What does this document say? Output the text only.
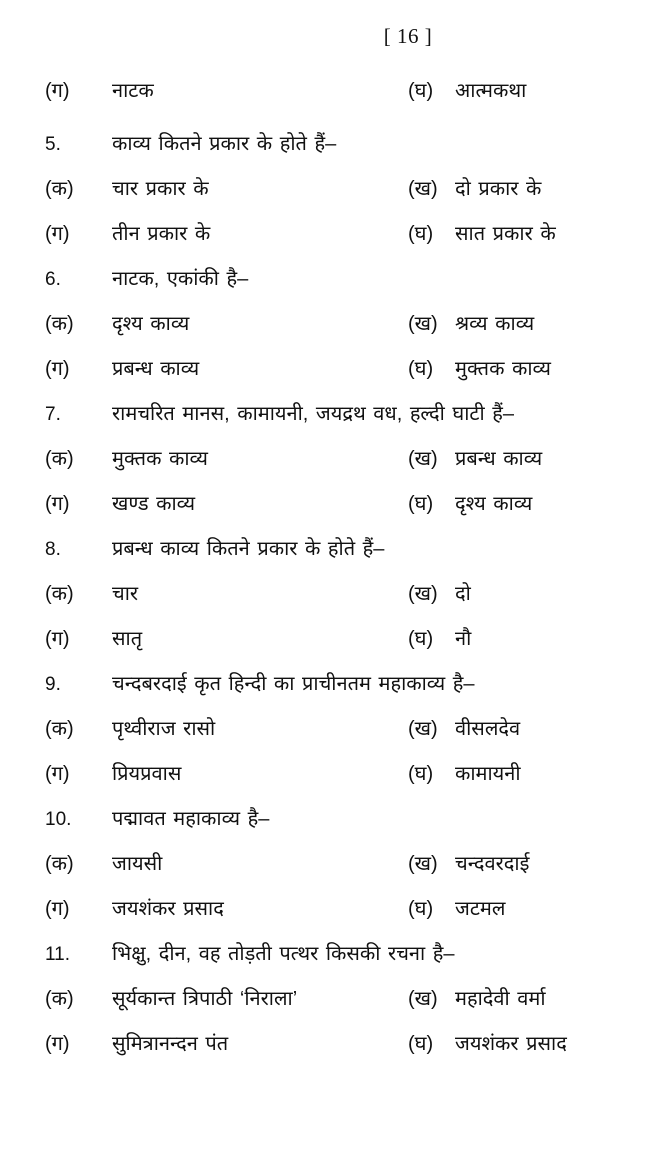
[ 16 ]
(ग)	नाटक	(घ)	आत्मकथा
5.	काव्य कितने प्रकार के होते हैं–
(क)	चार प्रकार के	(ख) दो प्रकार के
(ग)	तीन प्रकार के	(घ)	सात प्रकार के
6.	नाटक, एकांकी है–
(क)	दृश्य काव्य	(ख) श्रव्य काव्य
(ग)	प्रबन्ध काव्य	(घ)	मुक्तक काव्य
7.	रामचरित मानस, कामायनी, जयद्रथ वध, हल्दी घाटी हैं–
(क)	मुक्तक काव्य	(ख) प्रबन्ध काव्य
(ग)	खण्ड काव्य	(घ)	दृश्य काव्य
8.	प्रबन्ध काव्य कितने प्रकार के होते हैं–
(क)	चार	(ख) दो
(ग)	सातृ	(घ)	नौ
9.	चन्दबरदाई कृत हिन्दी का प्राचीनतम महाकाव्य है–
(क)	पृथ्वीराज रासो	(ख) वीसलदेव
(ग)	प्रियप्रवास	(घ)	कामायनी
10.	पद्मावत महाकाव्य है–
(क)	जायसी	(ख) चन्दवरदाई
(ग)	जयशंकर प्रसाद	(घ)	जटमल
11.	भिक्षु, दीन, वह तोड़ती पत्थर किसकी रचना है–
(क)	सूर्यकान्त त्रिपाठी ‘निराला’	(ख) महादेवी वर्मा
(ग)	सुमित्रानन्दन पंत	(घ)	जयशंकर प्रसाद
